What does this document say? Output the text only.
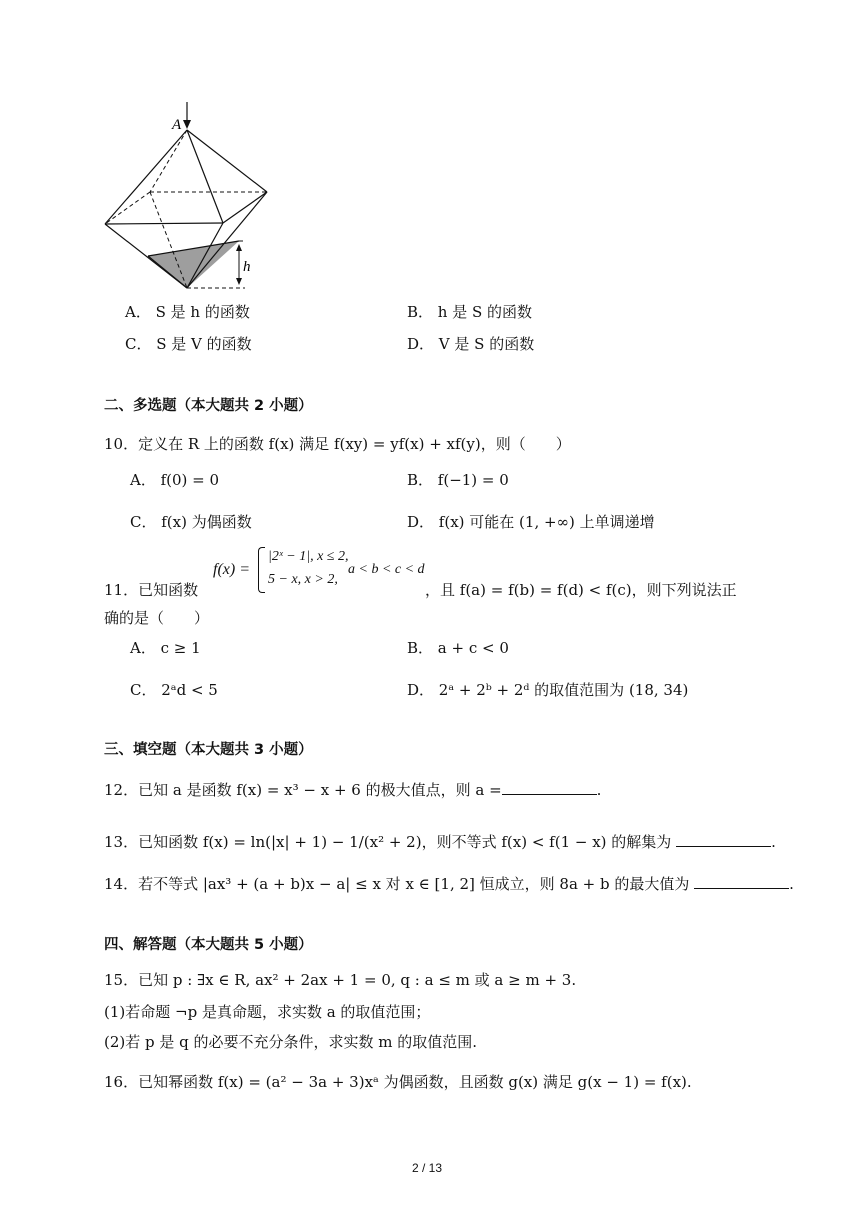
A
h
A． S 是 h 的函数	B． h 是 S 的函数
C． S 是 V 的函数	D． V 是 S 的函数
二、多选题（本大题共 2 小题）
10．定义在 R 上的函数 f(x) 满足 f(xy) = yf(x) + xf(y)，则（　　）
A． f(0) = 0	B． f(−1) = 0
C． f(x) 为偶函数	D． f(x) 可能在 (1, +∞) 上单调递增
11．已知函数
f(x) =
|2ˣ − 1|, x ≤ 2,
5 − x, x > 2,
a < b < c < d
，且 f(a) = f(b) = f(d) < f(c)，则下列说法正
确的是（　　）
A． c ≥ 1	B． a + c < 0
C． 2ᵃd < 5	D． 2ᵃ + 2ᵇ + 2ᵈ 的取值范围为 (18, 34)
三、填空题（本大题共 3 小题）
12．已知 a 是函数 f(x) = x³ − x + 6 的极大值点，则 a =	.
13．已知函数 f(x) = ln(|x| + 1) − 1/(x² + 2)，则不等式 f(x) < f(1 − x) 的解集为	.
14．若不等式 |ax³ + (a + b)x − a| ≤ x 对 x ∈ [1, 2] 恒成立，则 8a + b 的最大值为	.
四、解答题（本大题共 5 小题）
15．已知 p : ∃x ∈ R, ax² + 2ax + 1 = 0, q : a ≤ m 或 a ≥ m + 3.
(1)若命题 ¬p 是真命题，求实数 a 的取值范围；
(2)若 p 是 q 的必要不充分条件，求实数 m 的取值范围.
16．已知幂函数 f(x) = (a² − 3a + 3)xᵃ 为偶函数，且函数 g(x) 满足 g(x − 1) = f(x).
2 / 13
